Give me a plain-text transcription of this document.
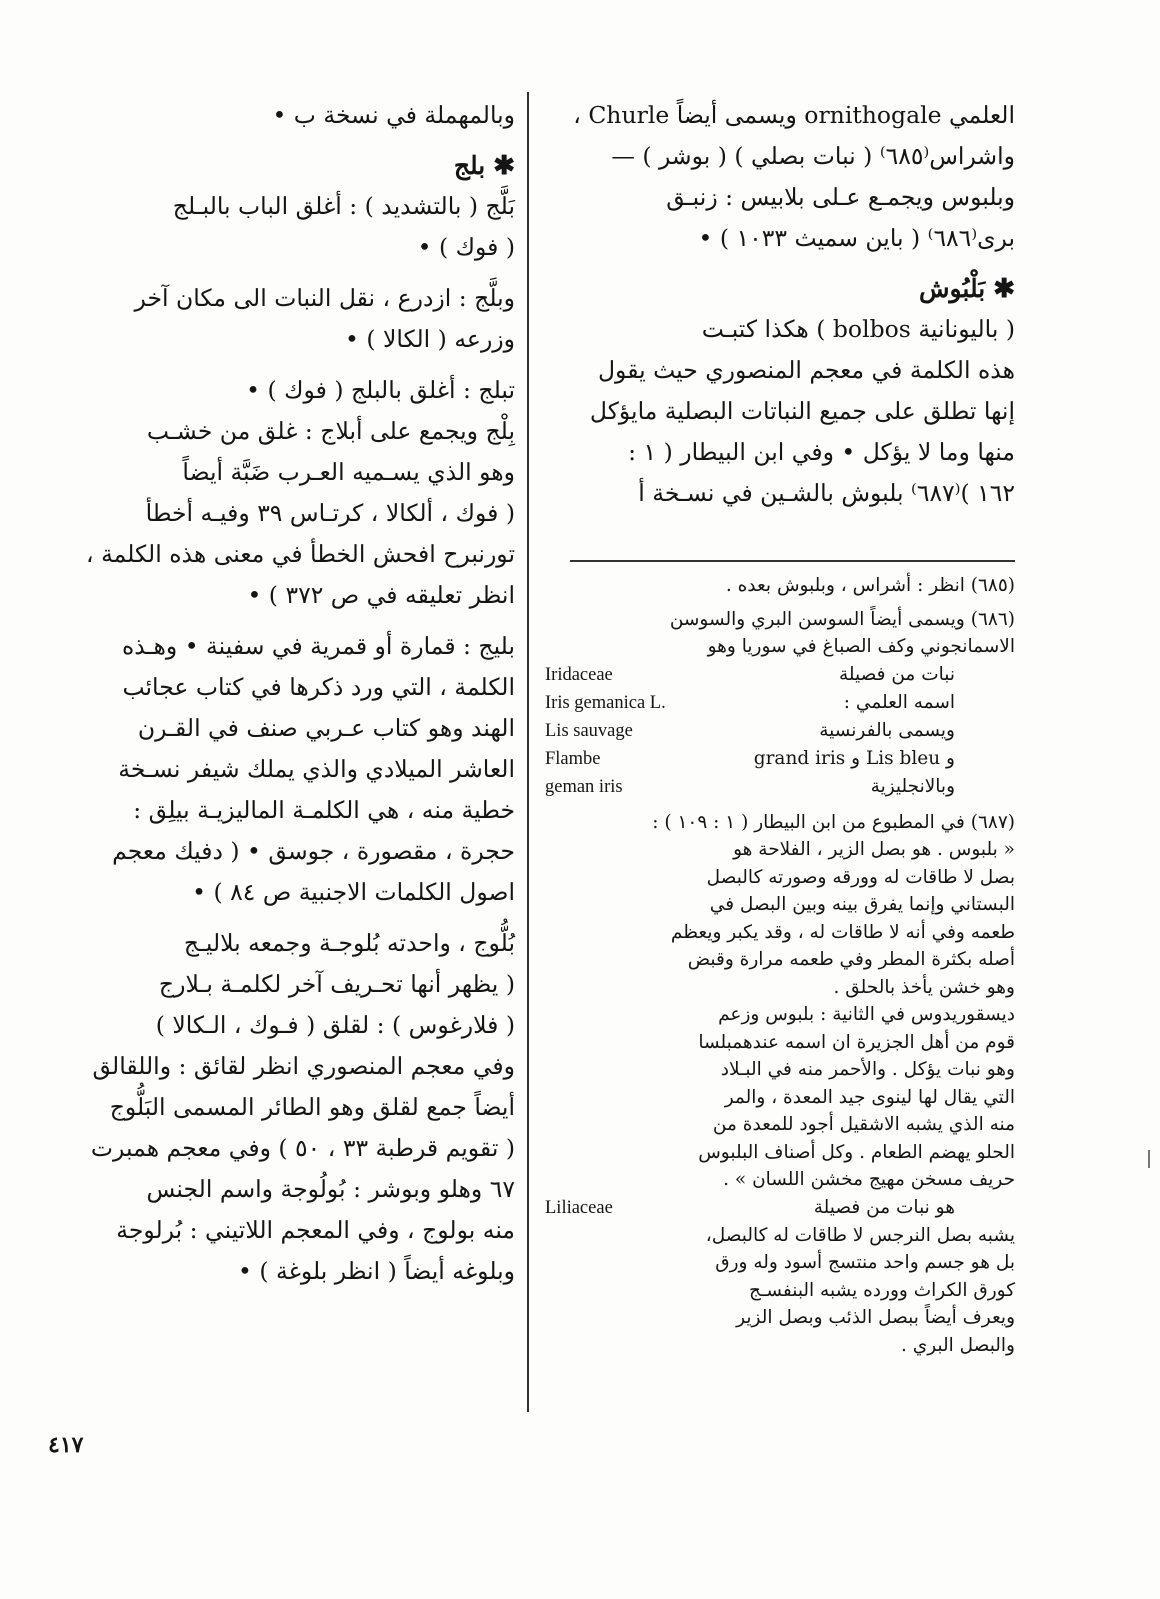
العلمي ornithogale ويسمى أيضاً Churle ،

واشراس⁽٦٨٥⁾ ( نبات بصلي ) ( بوشر ) —

وبلبوس ويجمـع عـلى بلابيس : زنبـق

برى⁽٦٨٦⁾ ( باين سميث ١٠٣٣ ) •

✱بَلْبُوش

( باليونانية bolbos ) هكذا كتبـت

هذه الكلمة في معجم المنصوري حيث يقول

إنها تطلق على جميع النباتات البصلية مايؤكل

منها وما لا يؤكل • وفي ابن البيطار ( ١ :

١٦٢ )⁽٦٨٧⁾ بلبوش بالشـين في نسـخة أ

(٦٨٥) انظر : أشراس ، وبلبوش بعده .

(٦٨٦) ويسمى أيضاً السوسن البري والسوسن

الاسمانجوني وكف الصباغ في سوريا وهو

نبات من فصيلة
Iridaceae
اسمه العلمي :
Iris gemanica L.
ويسمى بالفرنسية
Lis sauvage
و Lis bleu و grand iris
Flambe
وبالانجليزية
geman iris

(٦٨٧) في المطبوع من ابن البيطار ( ١ : ١٠٩ ) :

« بلبوس . هو بصل الزير ، الفلاحة هو

بصل لا طاقات له وورقه وصورته كالبصل

البستاني وإنما يفرق بينه وبين البصل في

طعمه وفي أنه لا طاقات له ، وقد يكبر ويعظم

أصله بكثرة المطر وفي طعمه مرارة وقبض

وهو خشن يأخذ بالحلق .

ديسقوريدوس في الثانية : بلبوس وزعم

قوم من أهل الجزيرة ان اسمه عندهمبلسا

وهو نبات يؤكل . والأحمر منه في البـلاد

التي يقال لها لينوى جيد المعدة ، والمر

منه الذي يشبه الاشقيل أجود للمعدة من

الحلو يهضم الطعام . وكل أصناف البلبوس

حريف مسخن مهيج مخشن اللسان » .

هو نبات من فصيلة
Liliaceae

يشبه بصل النرجس لا طاقات له كالبصل،

بل هو جسم واحد منتسج أسود وله ورق

كورق الكراث وورده يشبه البنفسـج

ويعرف أيضاً ببصل الذئب وبصل الزير

والبصل البري .

وبالمهملة في نسخة ب •

✱بلج

بَلَّج ( بالتشديد ) : أغلق الباب بالبـلج

( فوك ) •

وبلَّج : ازدرع ، نقل النبات الى مكان آخر

وزرعه ( الكالا ) •

تبلج : أغلق بالبلج ( فوك ) •

بِلْج ويجمع على أبلاج : غلق من خشـب

وهو الذي يسـميه العـرب ضَبَّة أيضاً

( فوك ، ألكالا ، كرتـاس ٣٩ وفيـه أخطأ

تورنبرح افحش الخطأ في معنى هذه الكلمة ،

انظر تعليقه في ص ٣٧٢ ) •

بليج : قمارة أو قمرية في سفينة • وهـذه

الكلمة ، التي ورد ذكرها في كتاب عجائب

الهند وهو كتاب عـربي صنف في القـرن

العاشر الميلادي والذي يملك شيفر نسـخة

خطية منه ، هي الكلمـة الماليزيـة بيلِق :

حجرة ، مقصورة ، جوسق • ( دفيك معجم

اصول الكلمات الاجنبية ص ٨٤ ) •

بُلُّوج ، واحدته بُلوجـة وجمعه بلاليـج

( يظهر أنها تحـريف آخر لكلمـة بـلارج

( فلارغوس ) : لقلق ( فـوك ، الـكالا )

وفي معجم المنصوري انظر لقائق : واللقالق

أيضاً جمع لقلق وهو الطائر المسمى البَلُّوج

( تقويم قرطبة ٣٣ ، ٥٠ ) وفي معجم همبرت

٦٧ وهلو وبوشر : بُولُوجة واسم الجنس

منه بولوج ، وفي المعجم اللاتيني : بُرلوجة

وبلوغه أيضاً ( انظر بلوغة ) •

٤١٧
